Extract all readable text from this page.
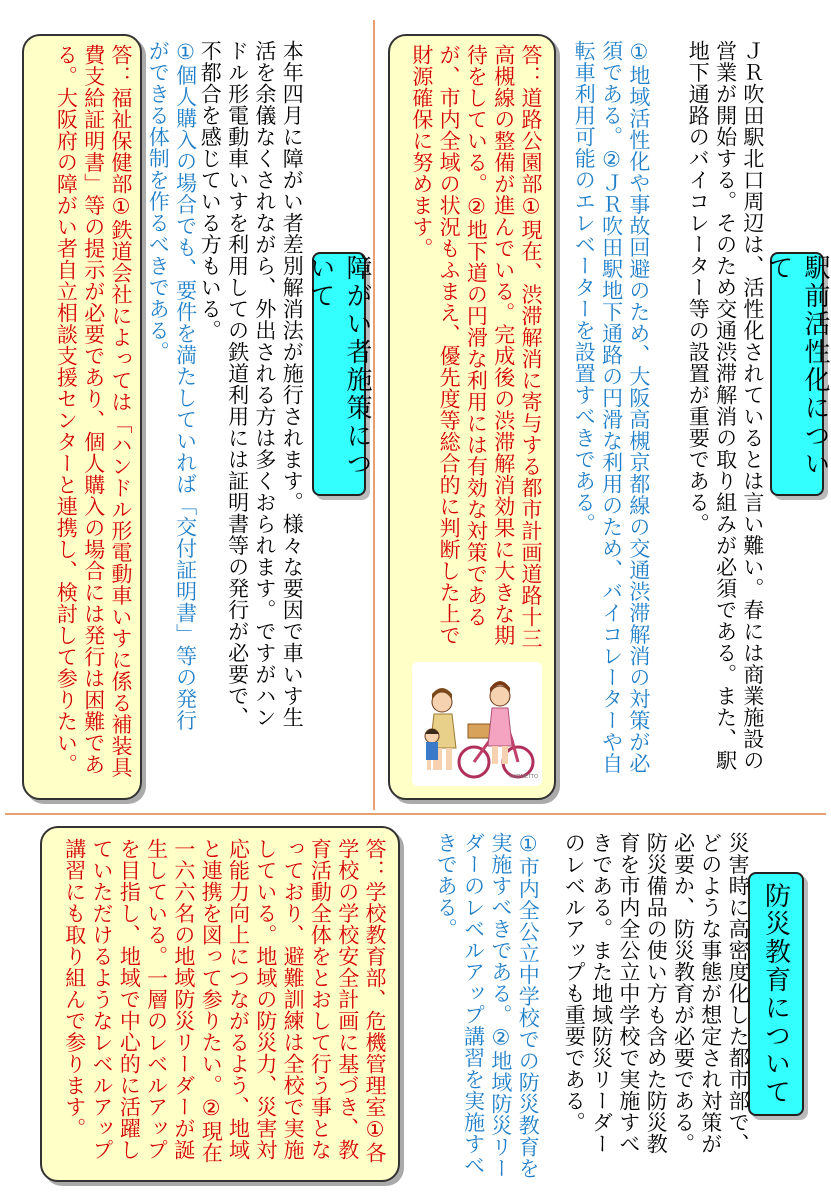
駅前活性化について

ＪＲ吹田駅北口周辺は、活性化されているとは言い難い。春には商業施設の営業が開始する。そのため交通渋滞解消の取り組みが必須である。また、駅地下通路のバイコレーター等の設置が重要である。

①地域活性化や事故回避のため、大阪高槻京都線の交通渋滞解消の対策が必須である。②ＪＲ吹田駅地下通路の円滑な利用のため、バイコレーターや自転車利用可能のエレベーターを設置すべきである。

答：道路公園部①現在、渋滞解消に寄与する都市計画道路十三高槻線の整備が進んでいる。完成後の渋滞解消効果に大きな期待をしている。②地下道の円滑な利用には有効な対策であるが、市内全域の状況もふまえ、優先度等総合的に判断した上で財源確保に努めます。

©KOMETTO
障がい者施策について

本年四月に障がい者差別解消法が施行されます。様々な要因で車いす生活を余儀なくされながら、外出される方は多くおられます。ですがハンドル形電動車いすを利用しての鉄道利用には証明書等の発行が必要で、不都合を感じている方もいる。

①個人購入の場合でも、要件を満たしていれば「交付証明書」等の発行ができる体制を作るべきである。

答：福祉保健部①鉄道会社によっては「ハンドル形電動車いすに係る補装具費支給証明書」等の提示が必要であり、個人購入の場合には発行は困難である。大阪府の障がい者自立相談支援センターと連携し、検討して参りたい。

防災教育について

災害時に高密度化した都市部で、どのような事態が想定され対策が必要か、防災教育が必要である。防災備品の使い方も含めた防災教育を市内全公立中学校で実施すべきである。また地域防災リーダーのレベルアップも重要である。

①市内全公立中学校での防災教育を実施すべきである。②地域防災リーダーのレベルアップ講習を実施すべきである。

答：学校教育部、危機管理室①各学校の学校安全計画に基づき、教育活動全体をとおして行う事となっており、避難訓練は全校で実施している。地域の防災力、災害対応能力向上につながるよう、地域と連携を図って参りたい。②現在一六六名の地域防災リーダーが誕生している。一層のレベルアップを目指し、地域で中心的に活躍していただけるようなレベルアップ講習にも取り組んで参ります。
